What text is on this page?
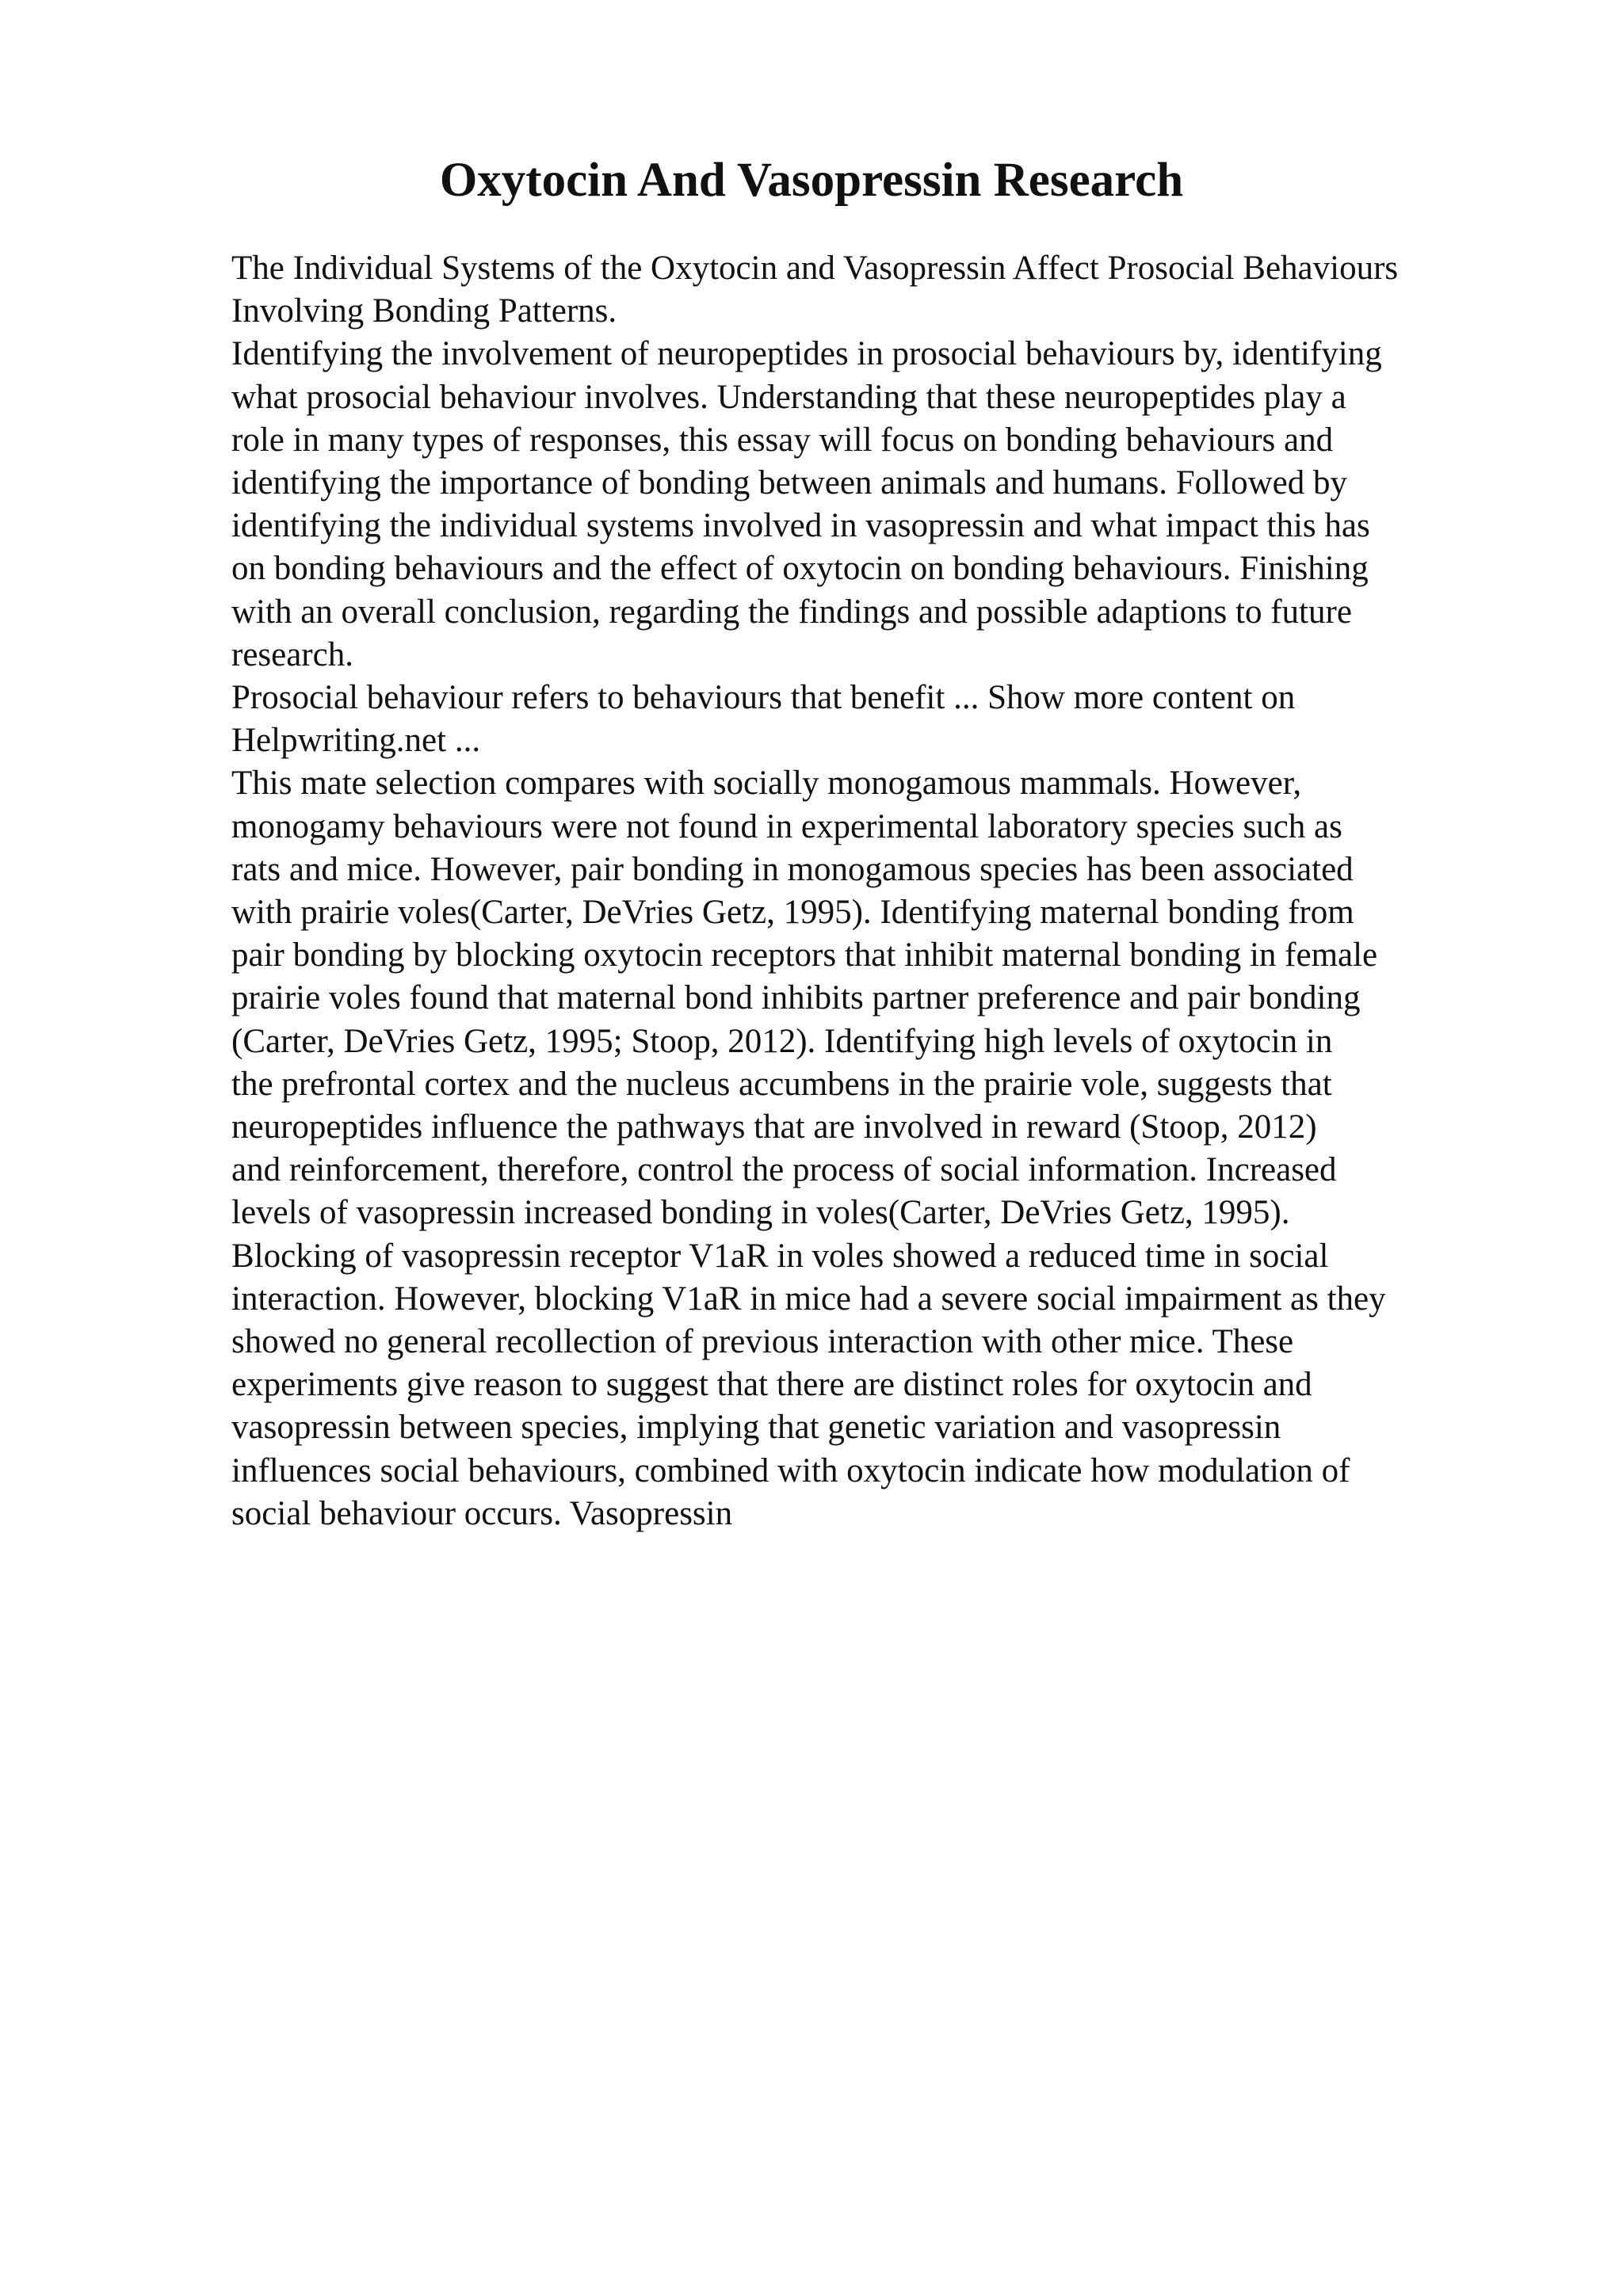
Oxytocin And Vasopressin Research
The Individual Systems of the Oxytocin and Vasopressin Affect Prosocial Behaviours
Involving Bonding Patterns.
Identifying the involvement of neuropeptides in prosocial behaviours by, identifying
what prosocial behaviour involves. Understanding that these neuropeptides play a
role in many types of responses, this essay will focus on bonding behaviours and
identifying the importance of bonding between animals and humans. Followed by
identifying the individual systems involved in vasopressin and what impact this has
on bonding behaviours and the effect of oxytocin on bonding behaviours. Finishing
with an overall conclusion, regarding the findings and possible adaptions to future
research.
Prosocial behaviour refers to behaviours that benefit ... Show more content on
Helpwriting.net ...
This mate selection compares with socially monogamous mammals. However,
monogamy behaviours were not found in experimental laboratory species such as
rats and mice. However, pair bonding in monogamous species has been associated
with prairie voles(Carter, DeVries Getz, 1995). Identifying maternal bonding from
pair bonding by blocking oxytocin receptors that inhibit maternal bonding in female
prairie voles found that maternal bond inhibits partner preference and pair bonding
(Carter, DeVries Getz, 1995; Stoop, 2012). Identifying high levels of oxytocin in
the prefrontal cortex and the nucleus accumbens in the prairie vole, suggests that
neuropeptides influence the pathways that are involved in reward (Stoop, 2012)
and reinforcement, therefore, control the process of social information. Increased
levels of vasopressin increased bonding in voles(Carter, DeVries Getz, 1995).
Blocking of vasopressin receptor V1aR in voles showed a reduced time in social
interaction. However, blocking V1aR in mice had a severe social impairment as they
showed no general recollection of previous interaction with other mice. These
experiments give reason to suggest that there are distinct roles for oxytocin and
vasopressin between species, implying that genetic variation and vasopressin
influences social behaviours, combined with oxytocin indicate how modulation of
social behaviour occurs. Vasopressin
